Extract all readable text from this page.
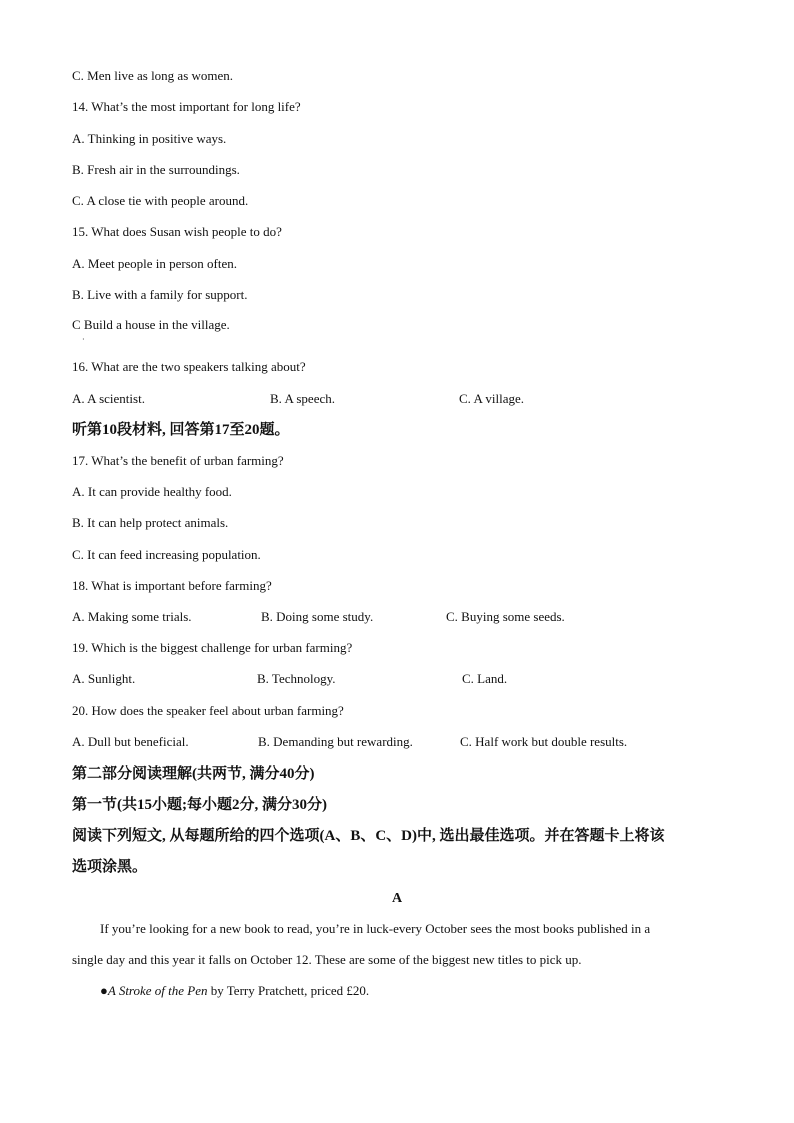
C. Men live as long as women.
14. What’s the most important for long life?
A. Thinking in positive ways.
B. Fresh air in the surroundings.
C. A close tie with people around.
15. What does Susan wish people to do?
A. Meet people in person often.
B. Live with a family for support.
C Build a house in the village.
·
16. What are the two speakers talking about?
A. A scientist.	B. A speech.	C. A village.
听第10段材料, 回答第17至20题。
17. What’s the benefit of urban farming?
A. It can provide healthy food.
B. It can help protect animals.
C. It can feed increasing population.
18. What is important before farming?
A. Making some trials.	B. Doing some study.	C. Buying some seeds.
19. Which is the biggest challenge for urban farming?
A. Sunlight.	B. Technology.	C. Land.
20. How does the speaker feel about urban farming?
A. Dull but beneficial.	B. Demanding but rewarding.	C. Half work but double results.
第二部分阅读理解(共两节, 满分40分)
第一节(共15小题;每小题2分, 满分30分)
阅读下列短文, 从每题所给的四个选项(A、B、C、D)中, 选出最佳选项。并在答题卡上将该
选项涂黑。
A
If you’re looking for a new book to read, you’re in luck-every October sees the most books published in a
single day and this year it falls on October 12. These are some of the biggest new titles to pick up.
●A Stroke of the Pen by Terry Pratchett, priced £20.
